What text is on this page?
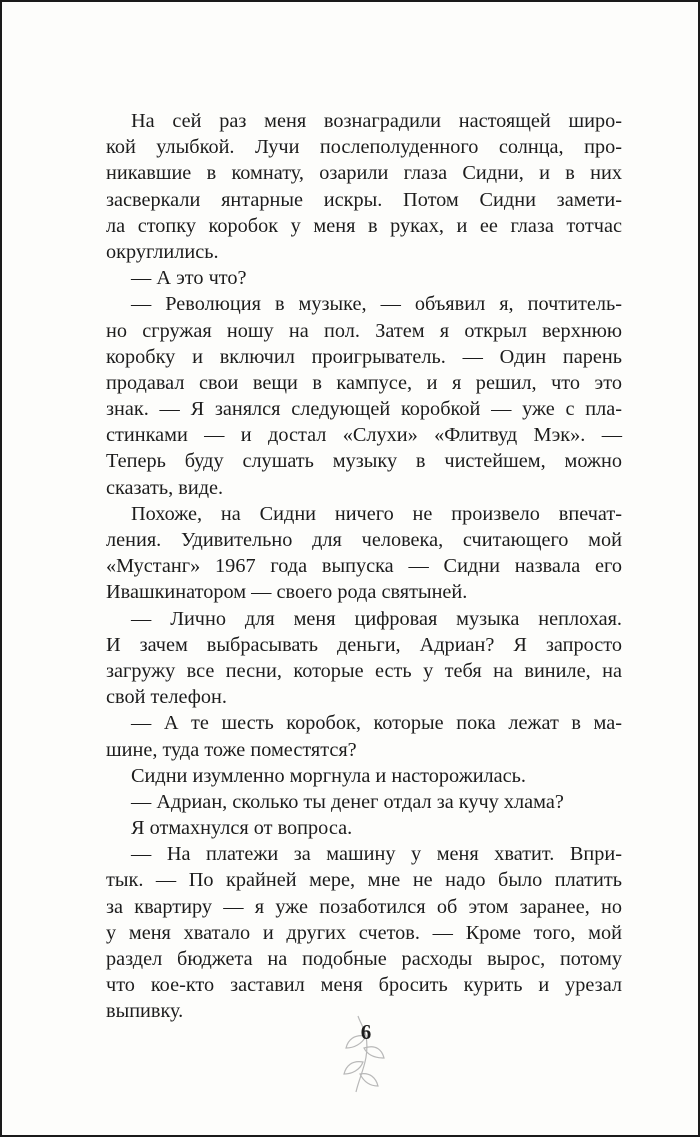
На сей раз меня вознаградили настоящей широ-
кой улыбкой. Лучи послеполуденного солнца, про-
никавшие в комнату, озарили глаза Сидни, и в них
засверкали янтарные искры. Потом Сидни замети-
ла стопку коробок у меня в руках, и ее глаза тотчас
округлились.
— А это что?
— Революция в музыке, — объявил я, почтитель-
но сгружая ношу на пол. Затем я открыл верхнюю
коробку и включил проигрыватель. — Один парень
продавал свои вещи в кампусе, и я решил, что это
знак. — Я занялся следующей коробкой — уже с пла-
стинками — и достал «Слухи» «Флитвуд Мэк». —
Теперь буду слушать музыку в чистейшем, можно
сказать, виде.
Похоже, на Сидни ничего не произвело впечат-
ления. Удивительно для человека, считающего мой
«Мустанг» 1967 года выпуска — Сидни назвала его
Ивашкинатором — своего рода святыней.
— Лично для меня цифровая музыка неплохая.
И зачем выбрасывать деньги, Адриан? Я запросто
загружу все песни, которые есть у тебя на виниле, на
свой телефон.
— А те шесть коробок, которые пока лежат в ма-
шине, туда тоже поместятся?
Сидни изумленно моргнула и насторожилась.
— Адриан, сколько ты денег отдал за кучу хлама?
Я отмахнулся от вопроса.
— На платежи за машину у меня хватит. Впри-
тык. — По крайней мере, мне не надо было платить
за квартиру — я уже позаботился об этом заранее, но
у меня хватало и других счетов. — Кроме того, мой
раздел бюджета на подобные расходы вырос, потому
что кое-кто заставил меня бросить курить и урезал
выпивку.
6
